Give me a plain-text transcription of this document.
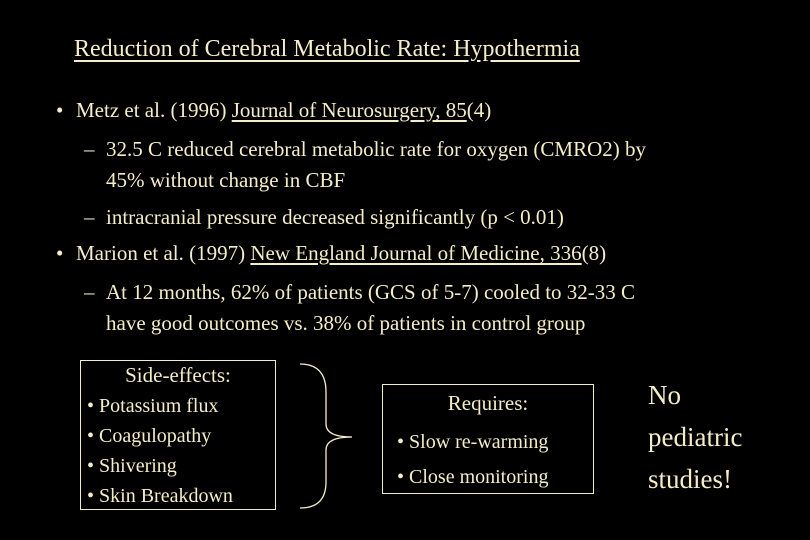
Reduction of Cerebral Metabolic Rate: Hypothermia
• Metz et al. (1996) Journal of Neurosurgery, 85(4)
– 32.5 C reduced cerebral metabolic rate for oxygen (CMRO2) by
45% without change in CBF
– intracranial pressure decreased significantly (p < 0.01)
• Marion et al. (1997) New England Journal of Medicine, 336(8)
– At 12 months, 62% of patients (GCS of 5-7) cooled to 32-33 C
have good outcomes vs. 38% of patients in control group
Side-effects:
• Potassium flux
• Coagulopathy
• Shivering
• Skin Breakdown
Requires:
• Slow re-warming
• Close monitoring
No
pediatric
studies!
